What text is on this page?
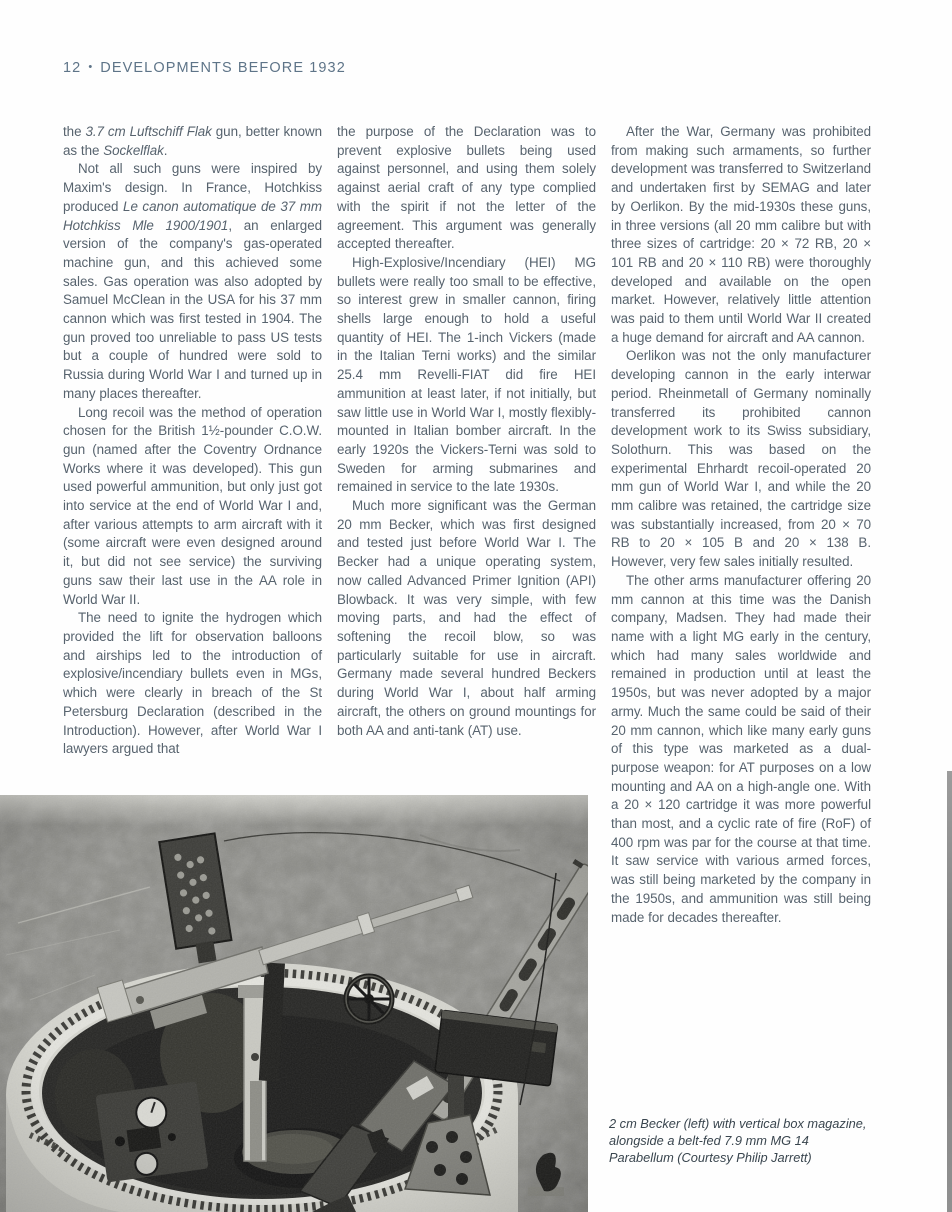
12 • DEVELOPMENTS BEFORE 1932

the 3.7 cm Luftschiff Flak gun, better known as the Sockelflak.

Not all such guns were inspired by Maxim's design. In France, Hotchkiss produced Le canon automatique de 37 mm Hotchkiss Mle 1900/1901, an enlarged version of the company's gas-operated machine gun, and this achieved some sales. Gas operation was also adopted by Samuel McClean in the USA for his 37 mm cannon which was first tested in 1904. The gun proved too unreliable to pass US tests but a couple of hundred were sold to Russia during World War I and turned up in many places thereafter.

Long recoil was the method of operation chosen for the British 1½-pounder C.O.W. gun (named after the Coventry Ordnance Works where it was developed). This gun used powerful ammunition, but only just got into service at the end of World War I and, after various attempts to arm aircraft with it (some aircraft were even designed around it, but did not see service) the surviving guns saw their last use in the AA role in World War II.

The need to ignite the hydrogen which provided the lift for observation balloons and airships led to the introduction of explosive/incendiary bullets even in MGs, which were clearly in breach of the St Petersburg Declaration (described in the Introduction). However, after World War I lawyers argued that

the purpose of the Declaration was to prevent explosive bullets being used against personnel, and using them solely against aerial craft of any type complied with the spirit if not the letter of the agreement. This argument was generally accepted thereafter.

High-Explosive/Incendiary (HEI) MG bullets were really too small to be effective, so interest grew in smaller cannon, firing shells large enough to hold a useful quantity of HEI. The 1-inch Vickers (made in the Italian Terni works) and the similar 25.4 mm Revelli-FIAT did fire HEI ammunition at least later, if not initially, but saw little use in World War I, mostly flexibly-mounted in Italian bomber aircraft. In the early 1920s the Vickers-Terni was sold to Sweden for arming submarines and remained in service to the late 1930s.

Much more significant was the German 20 mm Becker, which was first designed and tested just before World War I. The Becker had a unique operating system, now called Advanced Primer Ignition (API) Blowback. It was very simple, with few moving parts, and had the effect of softening the recoil blow, so was particularly suitable for use in aircraft. Germany made several hundred Beckers during World War I, about half arming aircraft, the others on ground mountings for both AA and anti-tank (AT) use.

After the War, Germany was prohibited from making such armaments, so further development was transferred to Switzerland and undertaken first by SEMAG and later by Oerlikon. By the mid-1930s these guns, in three versions (all 20 mm calibre but with three sizes of cartridge: 20 × 72 RB, 20 × 101 RB and 20 × 110 RB) were thoroughly developed and available on the open market. However, relatively little attention was paid to them until World War II created a huge demand for aircraft and AA cannon.

Oerlikon was not the only manufacturer developing cannon in the early interwar period. Rheinmetall of Germany nominally transferred its prohibited cannon development work to its Swiss subsidiary, Solothurn. This was based on the experimental Ehrhardt recoil-operated 20 mm gun of World War I, and while the 20 mm calibre was retained, the cartridge size was substantially increased, from 20 × 70 RB to 20 × 105 B and 20 × 138 B. However, very few sales initially resulted.

The other arms manufacturer offering 20 mm cannon at this time was the Danish company, Madsen. They had made their name with a light MG early in the century, which had many sales worldwide and remained in production until at least the 1950s, but was never adopted by a major army. Much the same could be said of their 20 mm cannon, which like many early guns of this type was marketed as a dual-purpose weapon: for AT purposes on a low mounting and AA on a high-angle one. With a 20 × 120 cartridge it was more powerful than most, and a cyclic rate of fire (RoF) of 400 rpm was par for the course at that time. It saw service with various armed forces, was still being marketed by the company in the 1950s, and ammunition was still being made for decades thereafter.

2 cm Becker (left) with vertical box magazine, alongside a belt-fed 7.9 mm MG 14 Parabellum (Courtesy Philip Jarrett)
